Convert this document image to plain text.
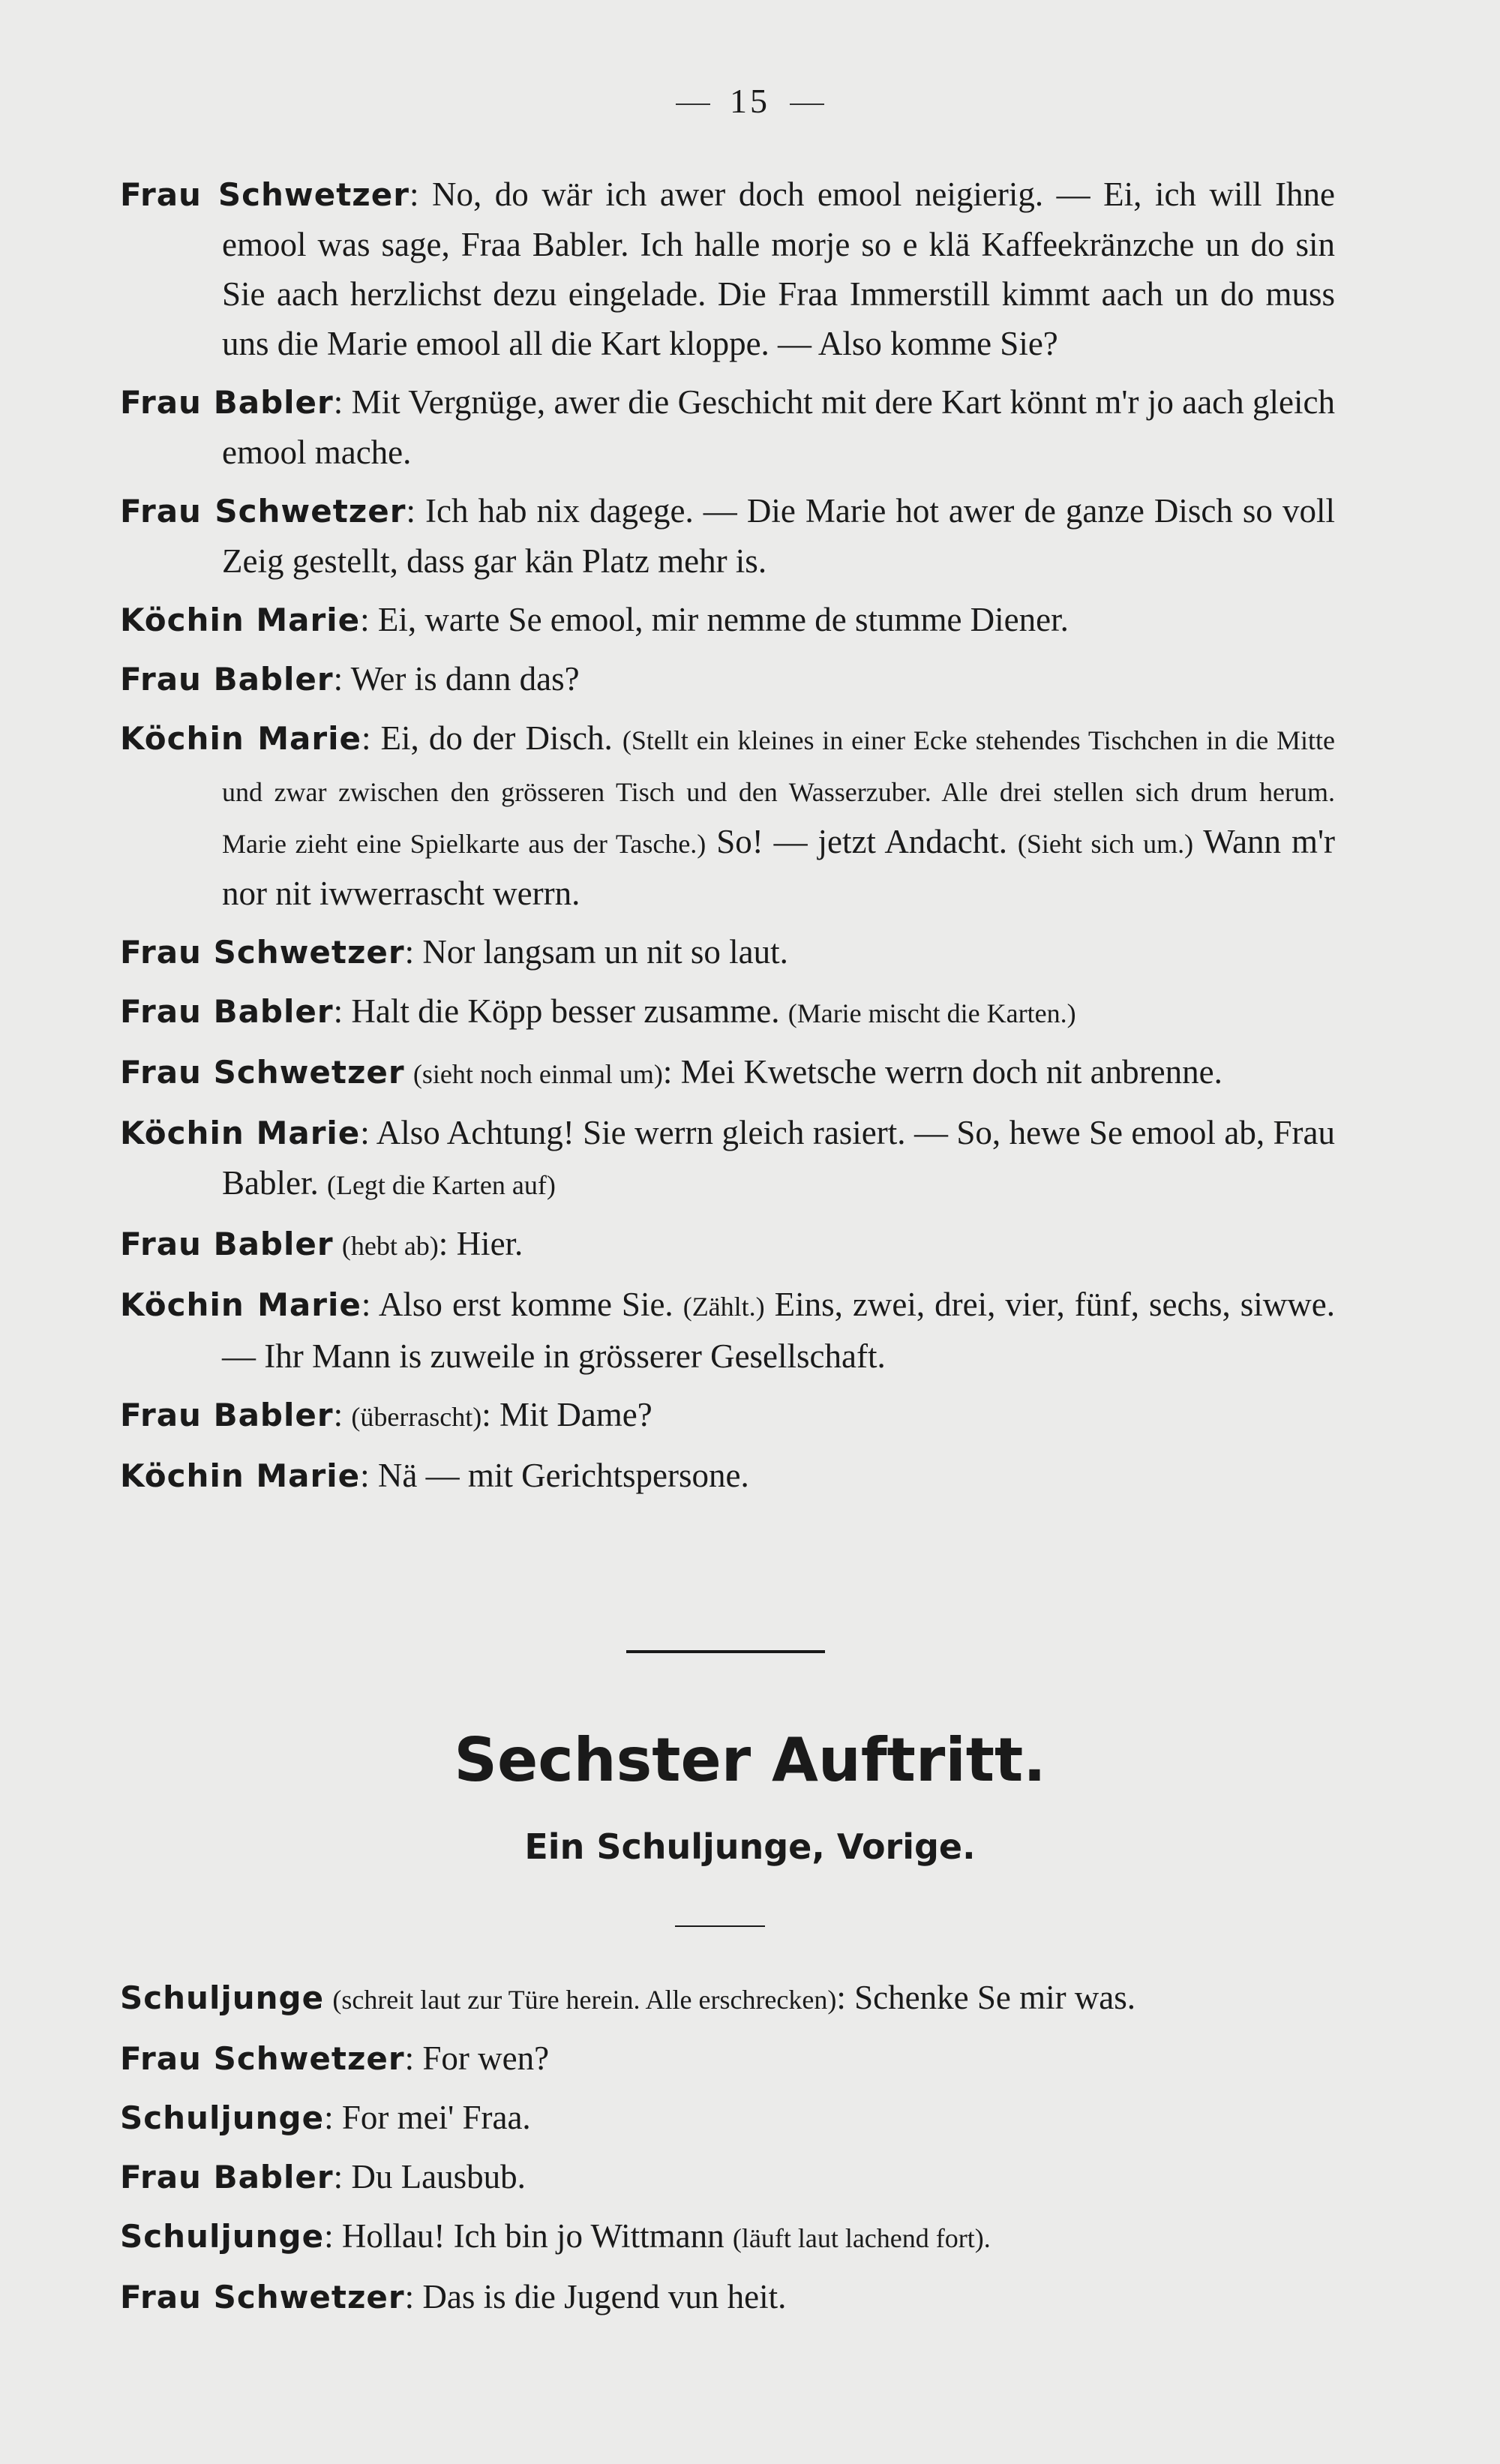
15

Frau Schwetzer: No, do wär ich awer doch emool neigierig. — Ei, ich will Ihne emool was sage, Fraa Babler. Ich halle morje so e klä Kaffeekränzche un do sin Sie aach herzlichst dezu eingelade. Die Fraa Immerstill kimmt aach un do muss uns die Marie emool all die Kart kloppe. — Also komme Sie?

Frau Babler: Mit Vergnüge, awer die Geschicht mit dere Kart könnt m'r jo aach gleich emool mache.

Frau Schwetzer: Ich hab nix dagege. — Die Marie hot awer de ganze Disch so voll Zeig gestellt, dass gar kän Platz mehr is.

Köchin Marie: Ei, warte Se emool, mir nemme de stumme Diener.

Frau Babler: Wer is dann das?

Köchin Marie: Ei, do der Disch. (Stellt ein kleines in einer Ecke stehendes Tischchen in die Mitte und zwar zwischen den grösseren Tisch und den Wasserzuber. Alle drei stellen sich drum herum. Marie zieht eine Spielkarte aus der Tasche.) So! — jetzt Andacht. (Sieht sich um.) Wann m'r nor nit iwwerrascht werrn.

Frau Schwetzer: Nor langsam un nit so laut.

Frau Babler: Halt die Köpp besser zusamme. (Marie mischt die Karten.)

Frau Schwetzer (sieht noch einmal um): Mei Kwetsche werrn doch nit anbrenne.

Köchin Marie: Also Achtung! Sie werrn gleich rasiert. — So, hewe Se emool ab, Frau Babler. (Legt die Karten auf)

Frau Babler (hebt ab): Hier.

Köchin Marie: Also erst komme Sie. (Zählt.) Eins, zwei, drei, vier, fünf, sechs, siwwe. — Ihr Mann is zuweile in grösserer Gesellschaft.

Frau Babler: (überrascht): Mit Dame?

Köchin Marie: Nä — mit Gerichtspersone.

Sechster Auftritt.
Ein Schuljunge, Vorige.

Schuljunge (schreit laut zur Türe herein. Alle erschrecken): Schenke Se mir was.

Frau Schwetzer: For wen?

Schuljunge: For mei' Fraa.

Frau Babler: Du Lausbub.

Schuljunge: Hollau! Ich bin jo Wittmann (läuft laut lachend fort).

Frau Schwetzer: Das is die Jugend vun heit.
